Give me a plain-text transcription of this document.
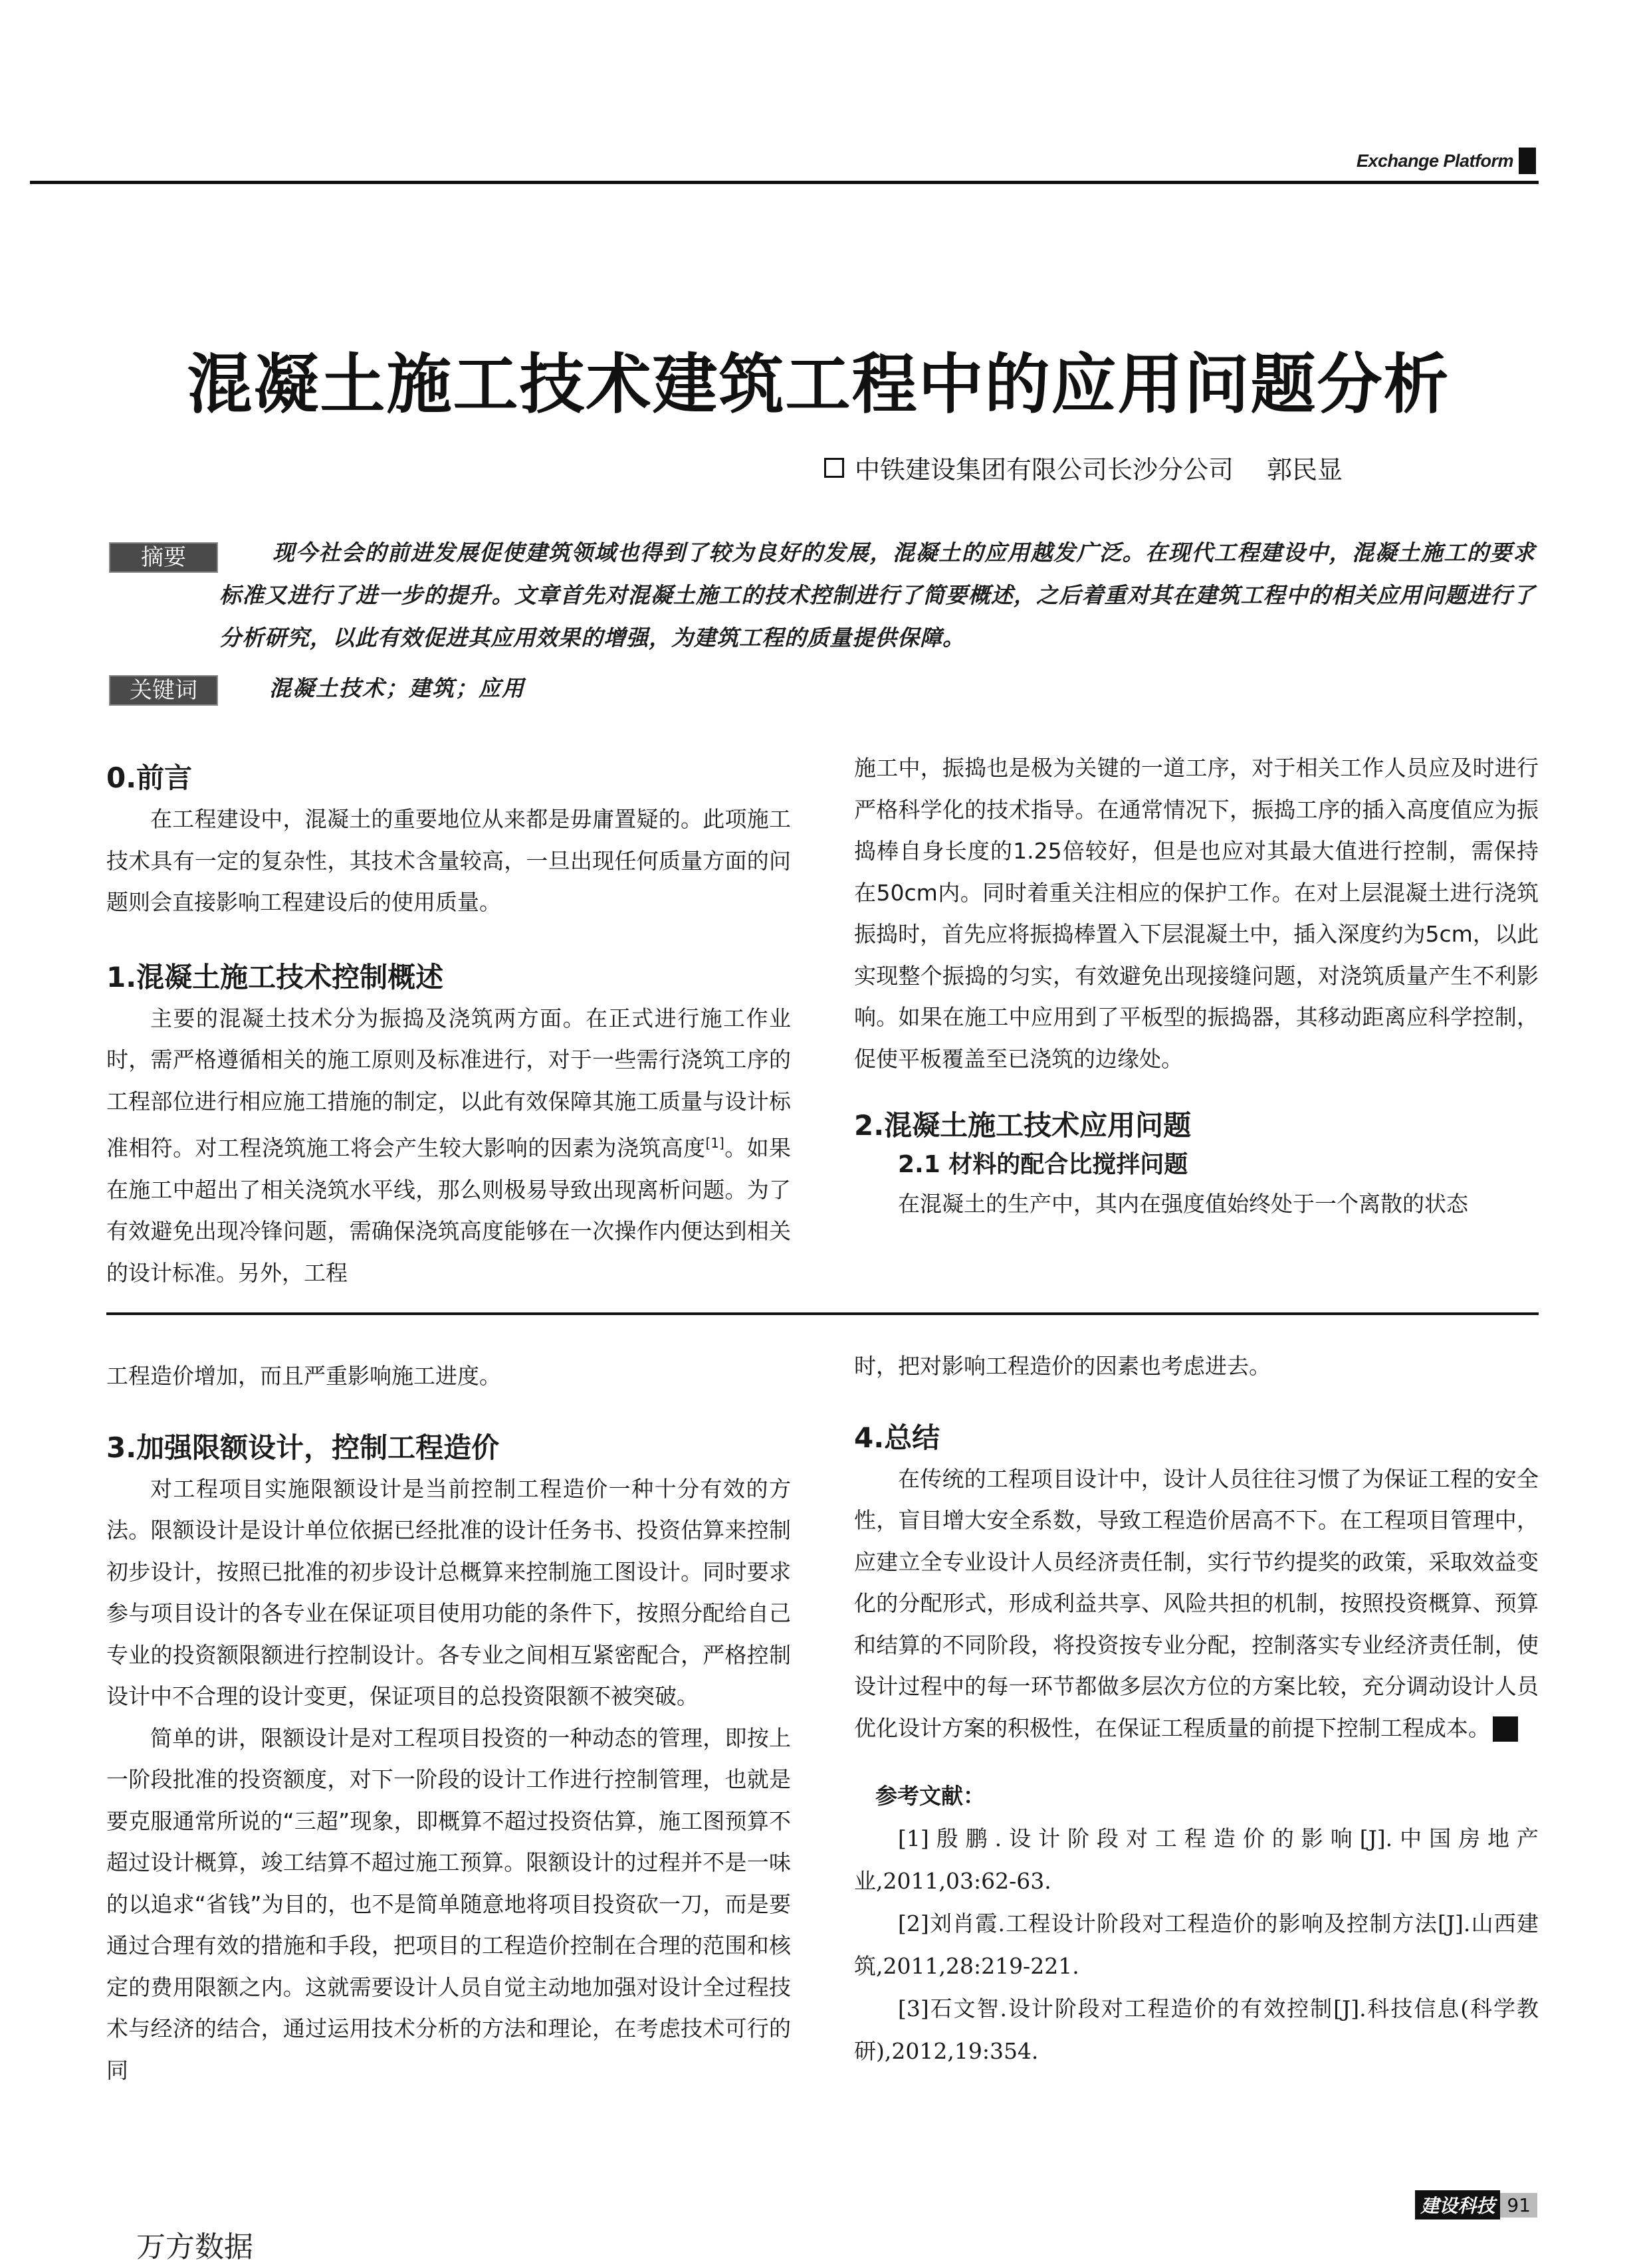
Exchange Platform
混凝土施工技术建筑工程中的应用问题分析
中铁建设集团有限公司长沙分公司 郭民显
摘要	现今社会的前进发展促使建筑领域也得到了较为良好的发展，混凝土的应用越发广泛。在现代工程建设中，混凝土施工的要求标准又进行了进一步的提升。文章首先对混凝土施工的技术控制进行了简要概述，之后着重对其在建筑工程中的相关应用问题进行了分析研究，以此有效促进其应用效果的增强，为建筑工程的质量提供保障。
关键词	混凝土技术；建筑；应用
0.前言

在工程建设中，混凝土的重要地位从来都是毋庸置疑的。此项施工技术具有一定的复杂性，其技术含量较高，一旦出现任何质量方面的问题则会直接影响工程建设后的使用质量。

1.混凝土施工技术控制概述

主要的混凝土技术分为振捣及浇筑两方面。在正式进行施工作业时，需严格遵循相关的施工原则及标准进行，对于一些需行浇筑工序的工程部位进行相应施工措施的制定，以此有效保障其施工质量与设计标准相符。对工程浇筑施工将会产生较大影响的因素为浇筑高度[1]。如果在施工中超出了相关浇筑水平线，那么则极易导致出现离析问题。为了有效避免出现冷锋问题，需确保浇筑高度能够在一次操作内便达到相关的设计标准。另外，工程

施工中，振捣也是极为关键的一道工序，对于相关工作人员应及时进行严格科学化的技术指导。在通常情况下，振捣工序的插入高度值应为振捣棒自身长度的1.25倍较好，但是也应对其最大值进行控制，需保持在50cm内。同时着重关注相应的保护工作。在对上层混凝土进行浇筑振捣时，首先应将振捣棒置入下层混凝土中，插入深度约为5cm，以此实现整个振捣的匀实，有效避免出现接缝问题，对浇筑质量产生不利影响。如果在施工中应用到了平板型的振捣器，其移动距离应科学控制，促使平板覆盖至已浇筑的边缘处。

2.混凝土施工技术应用问题
2.1 材料的配合比搅拌问题

在混凝土的生产中，其内在强度值始终处于一个离散的状态

工程造价增加，而且严重影响施工进度。

3.加强限额设计，控制工程造价

对工程项目实施限额设计是当前控制工程造价一种十分有效的方法。限额设计是设计单位依据已经批准的设计任务书、投资估算来控制初步设计，按照已批准的初步设计总概算来控制施工图设计。同时要求参与项目设计的各专业在保证项目使用功能的条件下，按照分配给自己专业的投资额限额进行控制设计。各专业之间相互紧密配合，严格控制设计中不合理的设计变更，保证项目的总投资限额不被突破。

简单的讲，限额设计是对工程项目投资的一种动态的管理，即按上一阶段批准的投资额度，对下一阶段的设计工作进行控制管理，也就是要克服通常所说的“三超”现象，即概算不超过投资估算，施工图预算不超过设计概算，竣工结算不超过施工预算。限额设计的过程并不是一味的以追求“省钱”为目的，也不是简单随意地将项目投资砍一刀，而是要通过合理有效的措施和手段，把项目的工程造价控制在合理的范围和核定的费用限额之内。这就需要设计人员自觉主动地加强对设计全过程技术与经济的结合，通过运用技术分析的方法和理论，在考虑技术可行的同

时，把对影响工程造价的因素也考虑进去。

4.总结

在传统的工程项目设计中，设计人员往往习惯了为保证工程的安全性，盲目增大安全系数，导致工程造价居高不下。在工程项目管理中，应建立全专业设计人员经济责任制，实行节约提奖的政策，采取效益变化的分配形式，形成利益共享、风险共担的机制，按照投资概算、预算和结算的不同阶段，将投资按专业分配，控制落实专业经济责任制，使设计过程中的每一环节都做多层次方位的方案比较，充分调动设计人员优化设计方案的积极性，在保证工程质量的前提下控制工程成本。	C

参考文献：

[1]殷鹏.设计阶段对工程造价的影响[J].中国房地产业,2011,03:62-63.

[2]刘肖霞.工程设计阶段对工程造价的影响及控制方法[J].山西建筑,2011,28:219-221.

[3]石文智.设计阶段对工程造价的有效控制[J].科技信息(科学教研),2012,19:354.

建设科技 91
万方数据
